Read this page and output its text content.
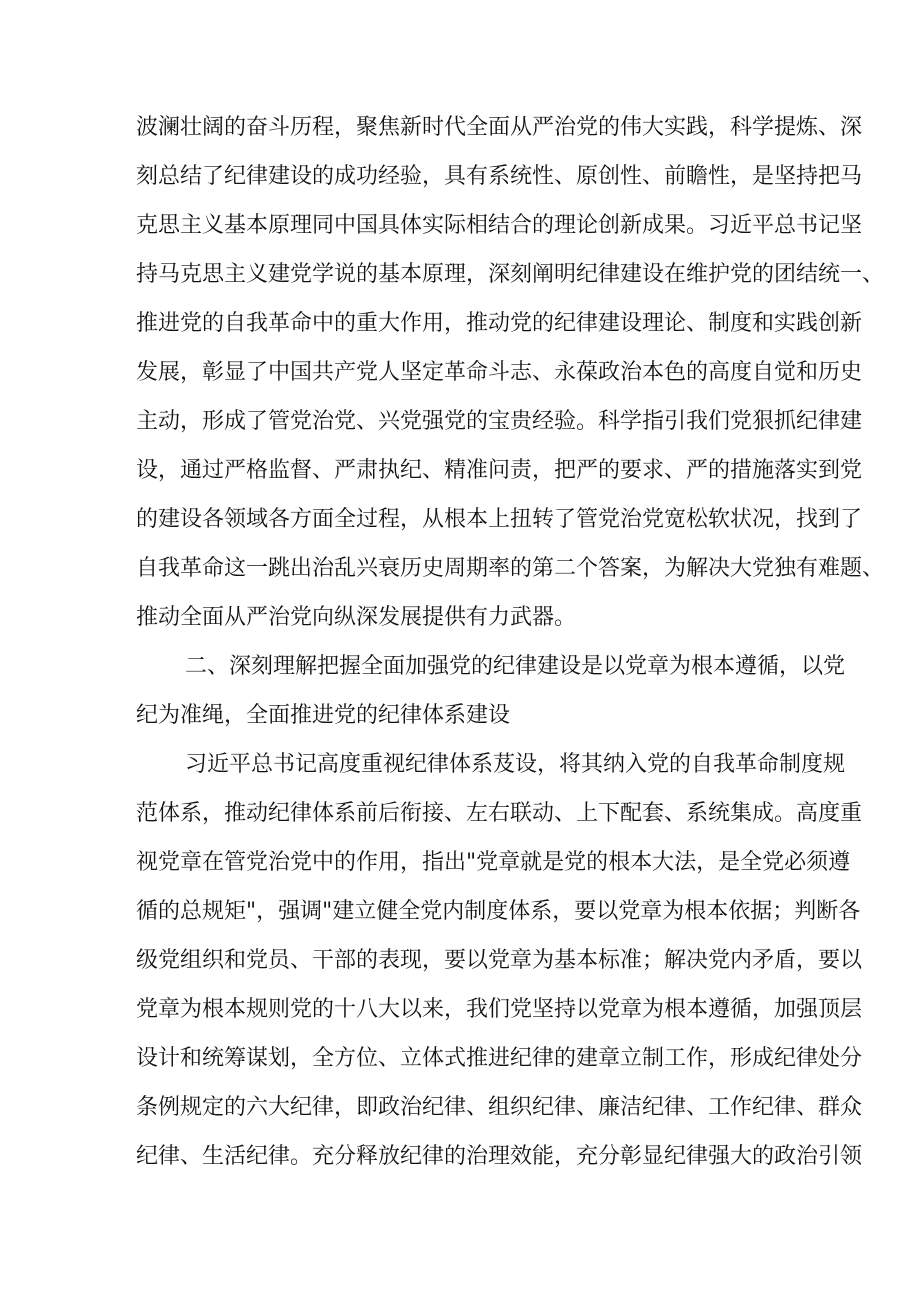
波澜壮阔的奋斗历程，聚焦新时代全面从严治党的伟大实践，科学提炼、深
刻总结了纪律建设的成功经验，具有系统性、原创性、前瞻性，是坚持把马
克思主义基本原理同中国具体实际相结合的理论创新成果。习近平总书记坚
持马克思主义建党学说的基本原理，深刻阐明纪律建设在维护党的团结统一、
推进党的自我革命中的重大作用，推动党的纪律建设理论、制度和实践创新
发展，彰显了中国共产党人坚定革命斗志、永葆政治本色的高度自觉和历史
主动，形成了管党治党、兴党强党的宝贵经验。科学指引我们党狠抓纪律建
设，通过严格监督、严肃执纪、精准问责，把严的要求、严的措施落实到党
的建设各领域各方面全过程，从根本上扭转了管党治党宽松软状况，找到了
自我革命这一跳出治乱兴衰历史周期率的第二个答案，为解决大党独有难题、
推动全面从严治党向纵深发展提供有力武器。
二、深刻理解把握全面加强党的纪律建设是以党章为根本遵循，以党
纪为准绳，全面推进党的纪律体系建设
习近平总书记高度重视纪律体系芨设，将其纳入党的自我革命制度规
范体系，推动纪律体系前后衔接、左右联动、上下配套、系统集成。高度重
视党章在管党治党中的作用，指出"党章就是党的根本大法，是全党必须遵
循的总规矩"，强调"建立健全党内制度体系，要以党章为根本依据；判断各
级党组织和党员、干部的表现，要以党章为基本标准；解决党内矛盾，要以
党章为根本规则党的十八大以来，我们党坚持以党章为根本遵循，加强顶层
设计和统筹谋划，全方位、立体式推进纪律的建章立制工作，形成纪律处分
条例规定的六大纪律，即政治纪律、组织纪律、廉洁纪律、工作纪律、群众
纪律、生活纪律。充分释放纪律的治理效能，充分彰显纪律强大的政治引领
